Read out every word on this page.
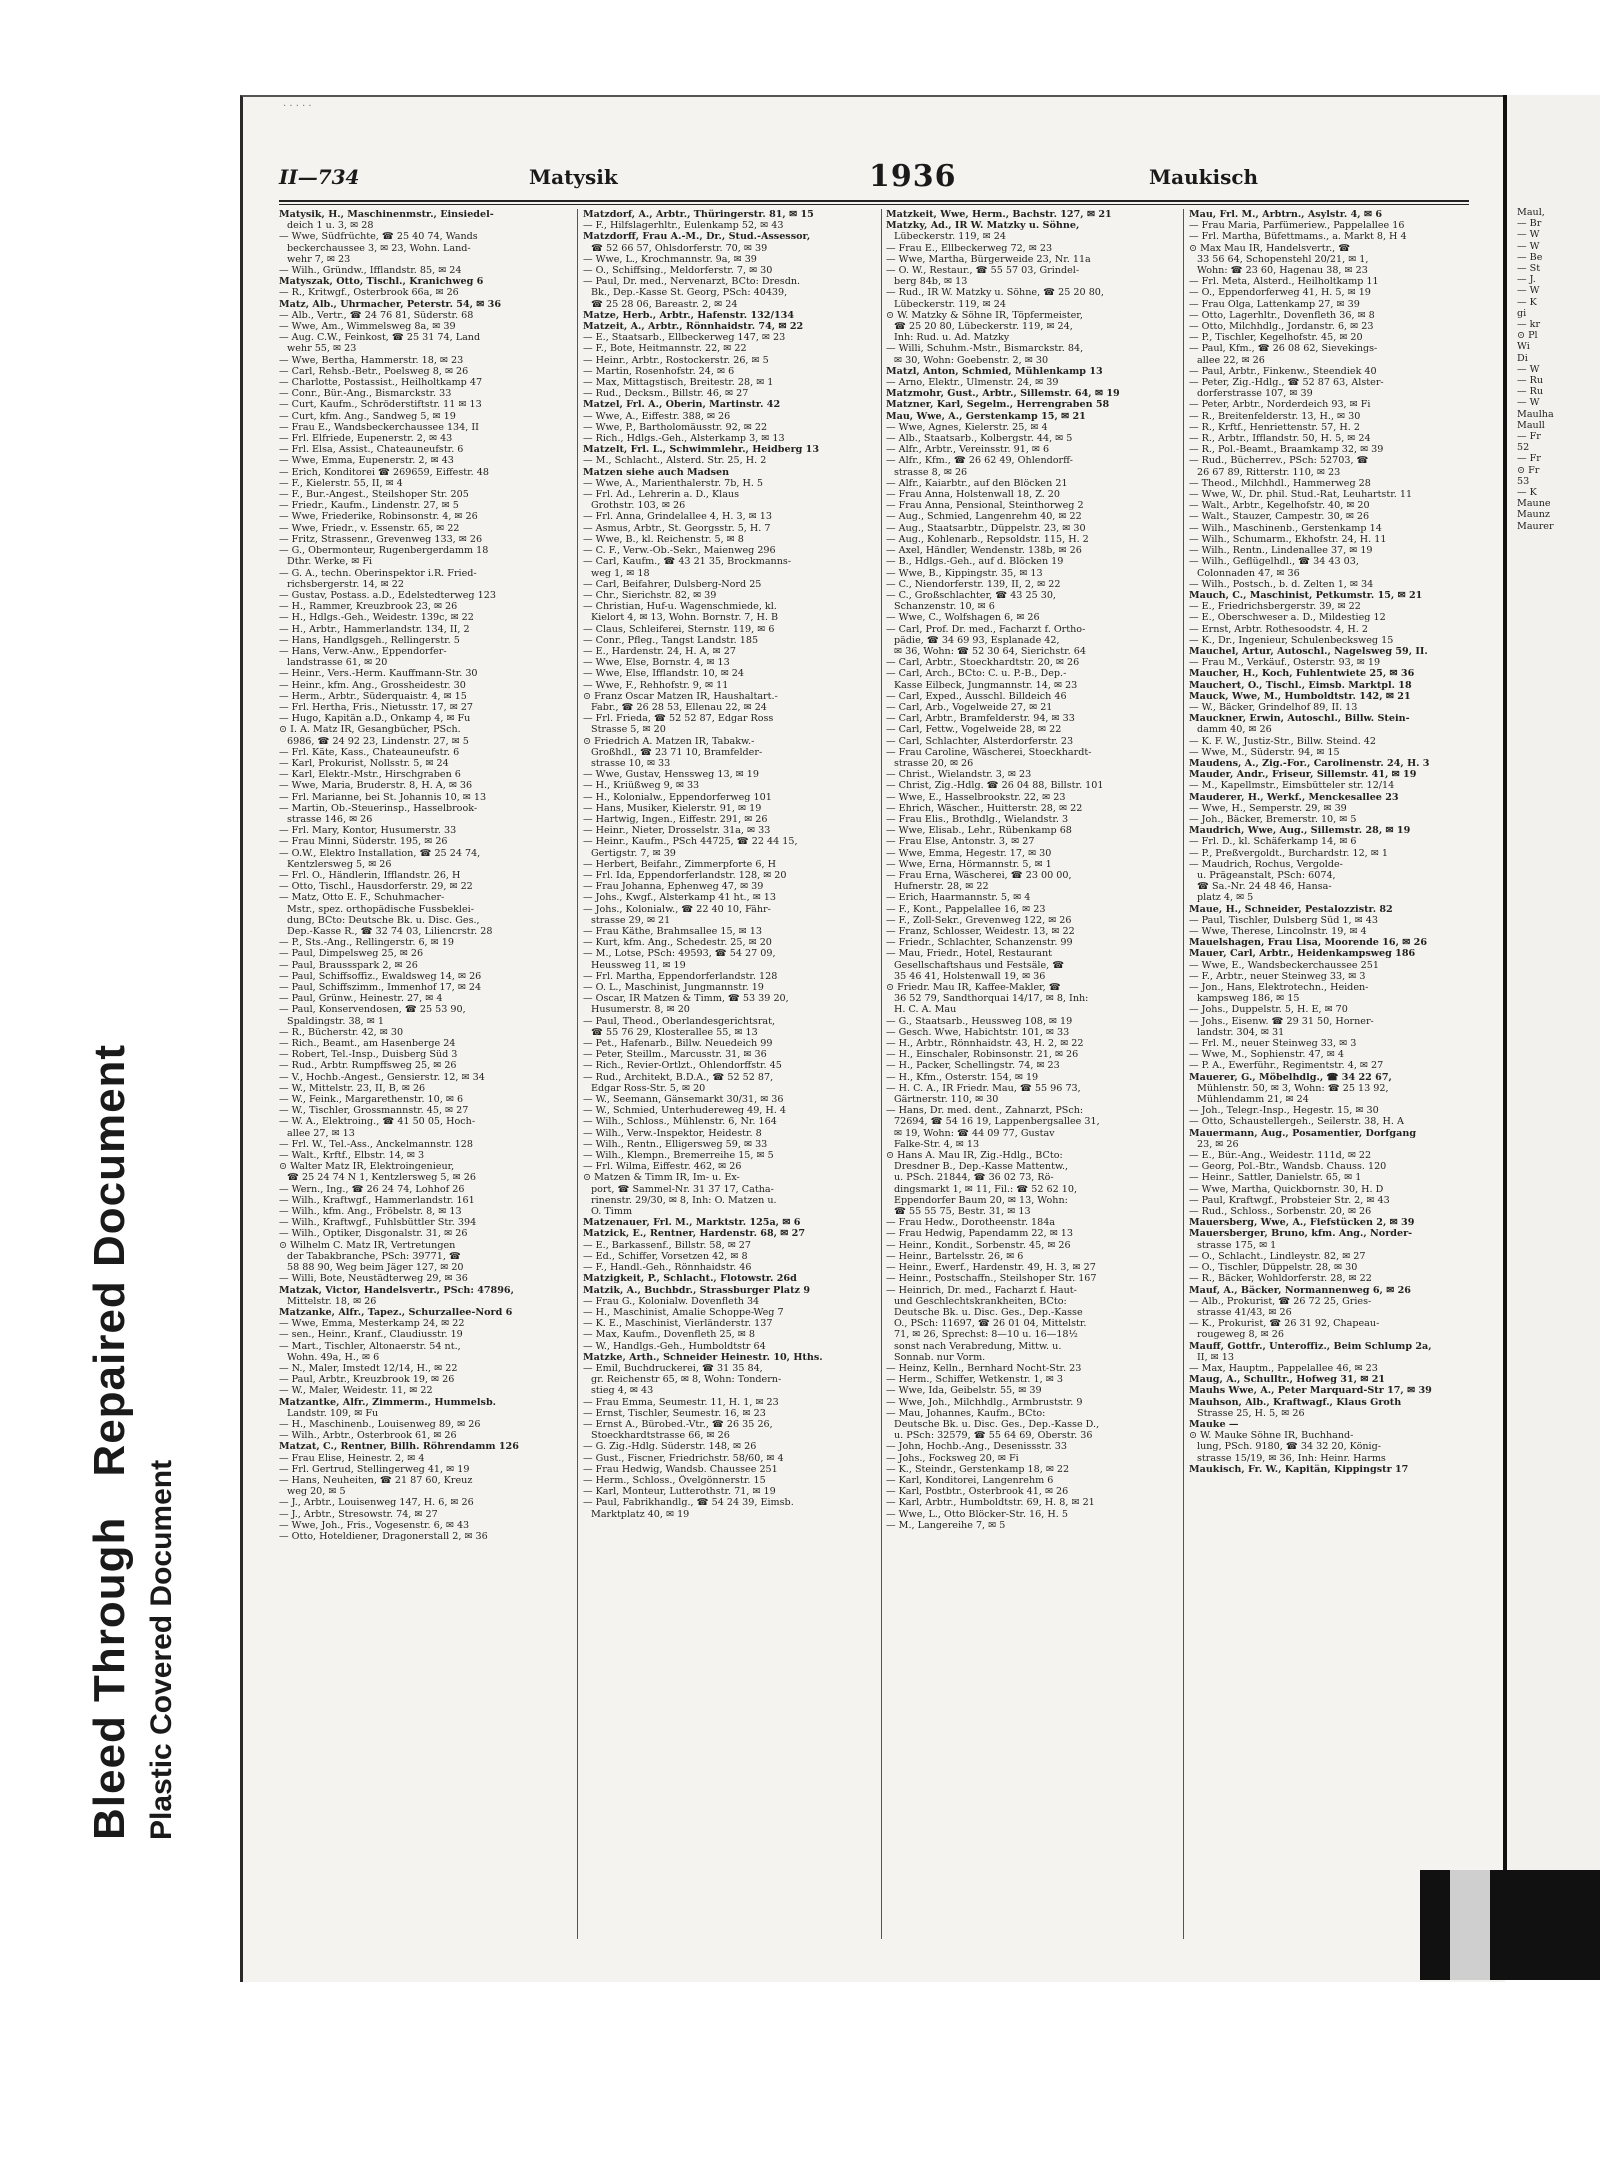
Bleed Through
Repaired Document
Plastic Covered Document
· · · · ·
II—734	Matysik	1936	Maukisch
Matysik, H., Maschinenmstr., Einsiedel-
deich 1 u. 3, ✉ 28
— Wwe, Südfrüchte, ☎ 25 40 74, Wands
beckerchaussee 3, ✉ 23, Wohn. Land-
wehr 7, ✉ 23
— Wilh., Gründw., Ifflandstr. 85, ✉ 24
Matyszak, Otto, Tischl., Kranichweg 6
— R., Kritwgf., Osterbrook 66a, ✉ 26
Matz, Alb., Uhrmacher, Peterstr. 54, ✉ 36
— Alb., Vertr., ☎ 24 76 81, Süderstr. 68
— Wwe, Am., Wimmelsweg 8a, ✉ 39
— Aug. C.W., Feinkost, ☎ 25 31 74, Land
wehr 55, ✉ 23
— Wwe, Bertha, Hammerstr. 18, ✉ 23
— Carl, Rehsb.-Betr., Poelsweg 8, ✉ 26
— Charlotte, Postassist., Heilholtkamp 47
— Conr., Bür.-Ang., Bismarckstr. 33
— Curt, Kaufm., Schröderstiftstr. 11 ✉ 13
— Curt, kfm. Ang., Sandweg 5, ✉ 19
— Frau E., Wandsbeckerchaussee 134, II
— Frl. Elfriede, Eupenerstr. 2, ✉ 43
— Frl. Elsa, Assist., Chateauneufstr. 6
— Wwe, Emma, Eupenerstr. 2, ✉ 43
— Erich, Konditorei ☎ 269659, Eiffestr. 48
— F., Kielerstr. 55, II, ✉ 4
— F., Bur.-Angest., Steilshoper Str. 205
— Friedr., Kaufm., Lindenstr. 27, ✉ 5
— Wwe, Friederike, Robinsonstr. 4, ✉ 26
— Wwe, Friedr., v. Essenstr. 65, ✉ 22
— Fritz, Strassenr., Grevenweg 133, ✉ 26
— G., Obermonteur, Rugenbergerdamm 18
Dthr. Werke, ✉ Fi
— G. A., techn. Oberinspektor i.R. Fried-
richsbergerstr. 14, ✉ 22
— Gustav, Postass. a.D., Edelstedterweg 123
— H., Rammer, Kreuzbrook 23, ✉ 26
— H., Hdlgs.-Geh., Weidestr. 139c, ✉ 22
— H., Arbtr., Hammerlandstr. 134, II, 2
— Hans, Handlgsgeh., Rellingerstr. 5
— Hans, Verw.-Anw., Eppendorfer-
landstrasse 61, ✉ 20
— Heinr., Vers.-Herm. Kauffmann-Str. 30
— Heinr., kfm. Ang., Grossheidestr. 30
— Herm., Arbtr., Süderquaistr. 4, ✉ 15
— Frl. Hertha, Fris., Nietusstr. 17, ✉ 27
— Hugo, Kapitän a.D., Onkamp 4, ✉ Fu
⊙ I. A. Matz IR, Gesangbücher, PSch.
6986, ☎ 24 92 23, Lindenstr. 27, ✉ 5
— Frl. Käte, Kass., Chateauneufstr. 6
— Karl, Prokurist, Nollsstr. 5, ✉ 24
— Karl, Elektr.-Mstr., Hirschgraben 6
— Wwe, Maria, Bruderstr. 8, H. A, ✉ 36
— Frl. Marianne, bei St. Johannis 10, ✉ 13
— Martin, Ob.-Steuerinsp., Hasselbrook-
strasse 146, ✉ 26
— Frl. Mary, Kontor, Husumerstr. 33
— Frau Minni, Süderstr. 195, ✉ 26
— O.W., Elektro Installation, ☎ 25 24 74,
Kentzlersweg 5, ✉ 26
— Frl. O., Händlerin, Ifflandstr. 26, H
— Otto, Tischl., Hausdorferstr. 29, ✉ 22
— Matz, Otto E. F., Schuhmacher-
Mstr., spez. orthopädische Fussbeklei-
dung, BCto: Deutsche Bk. u. Disc. Ges.,
Dep.-Kasse R., ☎ 32 74 03, Liliencrstr. 28
— P., Sts.-Ang., Rellingerstr. 6, ✉ 19
— Paul, Dimpelsweg 25, ✉ 26
— Paul, Braussspark 2, ✉ 26
— Paul, Schiffsoffiz., Ewaldsweg 14, ✉ 26
— Paul, Schiffszimm., Immenhof 17, ✉ 24
— Paul, Grünw., Heinestr. 27, ✉ 4
— Paul, Konservendosen, ☎ 25 53 90,
Spaldingstr. 38, ✉ 1
— R., Bücherstr. 42, ✉ 30
— Rich., Beamt., am Hasenberge 24
— Robert, Tel.-Insp., Duisberg Süd 3
— Rud., Arbtr. Rumpffsweg 25, ✉ 26
— V., Hochb.-Angest., Gensierstr. 12, ✉ 34
— W., Mittelstr. 23, II, B, ✉ 26
— W., Feink., Margarethenstr. 10, ✉ 6
— W., Tischler, Grossmannstr. 45, ✉ 27
— W. A., Elektroing., ☎ 41 50 05, Hoch-
allee 27, ✉ 13
— Frl. W., Tel.-Ass., Anckelmannstr. 128
— Walt., Krftf., Elbstr. 14, ✉ 3
⊙ Walter Matz IR, Elektroingenieur,
☎ 25 24 74 N 1, Kentzlersweg 5, ✉ 26
— Wern., Ing., ☎ 26 24 74, Lohhof 26
— Wilh., Kraftwgf., Hammerlandstr. 161
— Wilh., kfm. Ang., Fröbelstr. 8, ✉ 13
— Wilh., Kraftwgf., Fuhlsbüttler Str. 394
— Wilh., Optiker, Disgonalstr. 31, ✉ 26
⊙ Wilhelm C. Matz IR, Vertretungen
der Tabakbranche, PSch: 39771, ☎
58 88 90, Weg beim Jäger 127, ✉ 20
— Willi, Bote, Neustädterweg 29, ✉ 36
Matzak, Victor, Handelsvertr., PSch: 47896,
Mittelstr. 18, ✉ 26
Matzanke, Alfr., Tapez., Schurzallee-Nord 6
— Wwe, Emma, Mesterkamp 24, ✉ 22
— sen., Heinr., Kranf., Claudiusstr. 19
— Mart., Tischler, Altonaerstr. 54 nt.,
Wohn. 49a, H., ✉ 6
— N., Maler, Imstedt 12/14, H., ✉ 22
— Paul, Arbtr., Kreuzbrook 19, ✉ 26
— W., Maler, Weidestr. 11, ✉ 22
Matzantke, Alfr., Zimmerm., Hummelsb.
Landstr. 109, ✉ Fu
— H., Maschinenb., Louisenweg 89, ✉ 26
— Wilh., Arbtr., Osterbrook 61, ✉ 26
Matzat, C., Rentner, Billh. Röhrendamm 126
— Frau Elise, Heinestr. 2, ✉ 4
— Frl. Gertrud, Stellingerweg 41, ✉ 19
— Hans, Neuheiten, ☎ 21 87 60, Kreuz
weg 20, ✉ 5
— J., Arbtr., Louisenweg 147, H. 6, ✉ 26
— J., Arbtr., Stresowstr. 74, ✉ 27
— Wwe, Joh., Fris., Vogesenstr. 6, ✉ 43
— Otto, Hoteldiener, Dragonerstall 2, ✉ 36
Matzdorf, A., Arbtr., Thüringerstr. 81, ✉ 15
— F., Hilfslagerhltr., Eulenkamp 52, ✉ 43
Matzdorff, Frau A.-M., Dr., Stud.-Assessor,
☎ 52 66 57, Ohlsdorferstr. 70, ✉ 39
— Wwe, L., Krochmannstr. 9a, ✉ 39
— O., Schiffsing., Meldorferstr. 7, ✉ 30
— Paul, Dr. med., Nervenarzt, BCto: Dresdn.
Bk., Dep.-Kasse St. Georg, PSch: 40439,
☎ 25 28 06, Bareastr. 2, ✉ 24
Matze, Herb., Arbtr., Hafenstr. 132/134
Matzeit, A., Arbtr., Rönnhaidstr. 74, ✉ 22
— E., Staatsarb., Ellbeckerweg 147, ✉ 23
— F., Bote, Heitmannstr. 22, ✉ 22
— Heinr., Arbtr., Rostockerstr. 26, ✉ 5
— Martin, Rosenhofstr. 24, ✉ 6
— Max, Mittagstisch, Breitestr. 28, ✉ 1
— Rud., Decksm., Billstr. 46, ✉ 27
Matzel, Frl. A., Oberin, Martinstr. 42
— Wwe, A., Eiffestr. 388, ✉ 26
— Wwe, P., Bartholomäusstr. 92, ✉ 22
— Rich., Hdlgs.-Geh., Alsterkamp 3, ✉ 13
Matzelt, Frl. L., Schwimmlehr., Heidberg 13
— M., Schlacht., Alsterd. Str. 25, H. 2
Matzen siehe auch Madsen
— Wwe, A., Marienthalerstr. 7b, H. 5
— Frl. Ad., Lehrerin a. D., Klaus
Grothstr. 103, ✉ 26
— Frl. Anna, Grindelallee 4, H. 3, ✉ 13
— Asmus, Arbtr., St. Georgsstr. 5, H. 7
— Wwe, B., kl. Reichenstr. 5, ✉ 8
— C. F., Verw.-Ob.-Sekr., Maienweg 296
— Carl, Kaufm., ☎ 43 21 35, Brockmanns-
weg 1, ✉ 18
— Carl, Beifahrer, Dulsberg-Nord 25
— Chr., Sierichstr. 82, ✉ 39
— Christian, Huf-u. Wagenschmiede, kl.
Kielort 4, ✉ 13, Wohn. Bornstr. 7, H. B
— Claus, Schleiferei, Sternstr. 119, ✉ 6
— Conr., Pfleg., Tangst Landstr. 185
— E., Hardenstr. 24, H. A, ✉ 27
— Wwe, Else, Bornstr. 4, ✉ 13
— Wwe, Else, Ifflandstr. 10, ✉ 24
— Wwe, F., Rehhofstr. 9, ✉ 11
⊙ Franz Oscar Matzen IR, Haushaltart.-
Fabr., ☎ 26 28 53, Ellenau 22, ✉ 24
— Frl. Frieda, ☎ 52 52 87, Edgar Ross
Strasse 5, ✉ 20
⊙ Friedrich A. Matzen IR, Tabakw.-
Großhdl., ☎ 23 71 10, Bramfelder-
strasse 10, ✉ 33
— Wwe, Gustav, Henssweg 13, ✉ 19
— H., Kriüßweg 9, ✉ 33
— H., Kolonialw., Eppendorferweg 101
— Hans, Musiker, Kielerstr. 91, ✉ 19
— Hartwig, Ingen., Eiffestr. 291, ✉ 26
— Heinr., Nieter, Drosselstr. 31a, ✉ 33
— Heinr., Kaufm., PSch 44725, ☎ 22 44 15,
Gertigstr. 7, ✉ 39
— Herbert, Beifahr., Zimmerpforte 6, H
— Frl. Ida, Eppendorferlandstr. 128, ✉ 20
— Frau Johanna, Ephenweg 47, ✉ 39
— Johs., Kwgf., Alsterkamp 41 ht., ✉ 13
— Johs., Kolonialw., ☎ 22 40 10, Fähr-
strasse 29, ✉ 21
— Frau Käthe, Brahmsallee 15, ✉ 13
— Kurt, kfm. Ang., Schedestr. 25, ✉ 20
— M., Lotse, PSch: 49593, ☎ 54 27 09,
Heussweg 11, ✉ 19
— Frl. Martha, Eppendorferlandstr. 128
— O. L., Maschinist, Jungmannstr. 19
— Oscar, IR Matzen & Timm, ☎ 53 39 20,
Husumerstr. 8, ✉ 20
— Paul, Theod., Oberlandesgerichtsrat,
☎ 55 76 29, Klosterallee 55, ✉ 13
— Pet., Hafenarb., Billw. Neuedeich 99
— Peter, Steillm., Marcusstr. 31, ✉ 36
— Rich., Revier-Ortlzt., Ohlendorffstr. 45
— Rud., Architekt, B.D.A., ☎ 52 52 87,
Edgar Ross-Str. 5, ✉ 20
— W., Seemann, Gänsemarkt 30/31, ✉ 36
— W., Schmied, Unterhudereweg 49, H. 4
— Wilh., Schloss., Mühlenstr. 6, Nr. 164
— Wilh., Verw.-Inspektor, Heidestr. 8
— Wilh., Rentn., Elligersweg 59, ✉ 33
— Wilh., Klempn., Bremerreihe 15, ✉ 5
— Frl. Wilma, Eiffestr. 462, ✉ 26
⊙ Matzen & Timm IR, Im- u. Ex-
port, ☎ Sammel-Nr. 31 37 17, Catha-
rinenstr. 29/30, ✉ 8, Inh: O. Matzen u.
O. Timm
Matzenauer, Frl. M., Marktstr. 125a, ✉ 6
Matzick, E., Rentner, Hardenstr. 68, ✉ 27
— E., Barkassenf., Billstr. 58, ✉ 27
— Ed., Schiffer, Vorsetzen 42, ✉ 8
— F., Handl.-Geh., Rönnhaidstr. 46
Matzigkeit, P., Schlacht., Flotowstr. 26d
Matzik, A., Buchbdr., Strassburger Platz 9
— Frau G., Kolonialw. Dovenfleth 34
— H., Maschinist, Amalie Schoppe-Weg 7
— K. E., Maschinist, Vierländerstr. 137
— Max, Kaufm., Dovenfleth 25, ✉ 8
— W., Handlgs.-Geh., Humboldtstr 64
Matzke, Arth., Schneider Heinestr. 10, Hths.
— Emil, Buchdruckerei, ☎ 31 35 84,
gr. Reichenstr 65, ✉ 8, Wohn: Tondern-
stieg 4, ✉ 43
— Frau Emma, Seumestr. 11, H. 1, ✉ 23
— Ernst, Tischler, Seumestr. 16, ✉ 23
— Ernst A., Bürobed.-Vtr., ☎ 26 35 26,
Stoeckhardtstrasse 66, ✉ 26
— G. Zig.-Hdlg. Süderstr. 148, ✉ 26
— Gust., Fiscner, Friedrichstr. 58/60, ✉ 4
— Frau Hedwig, Wandsb. Chaussee 251
— Herm., Schloss., Övelgönnerstr. 15
— Karl, Monteur, Lutterothstr. 71, ✉ 19
— Paul, Fabrikhandlg., ☎ 54 24 39, Eimsb.
Marktplatz 40, ✉ 19
Matzkeit, Wwe, Herm., Bachstr. 127, ✉ 21
Matzky, Ad., IR W. Matzky u. Söhne,
Lübeckerstr. 119, ✉ 24
— Frau E., Ellbeckerweg 72, ✉ 23
— Wwe, Martha, Bürgerweide 23, Nr. 11a
— O. W., Restaur., ☎ 55 57 03, Grindel-
berg 84b, ✉ 13
— Rud., IR W. Matzky u. Söhne, ☎ 25 20 80,
Lübeckerstr. 119, ✉ 24
⊙ W. Matzky & Söhne IR, Töpfermeister,
☎ 25 20 80, Lübeckerstr. 119, ✉ 24,
Inh: Rud. u. Ad. Matzky
— Willi, Schuhm.-Mstr., Bismarckstr. 84,
✉ 30, Wohn: Goebenstr. 2, ✉ 30
Matzl, Anton, Schmied, Mühlenkamp 13
— Arno, Elektr., Ulmenstr. 24, ✉ 39
Matzmohr, Gust., Arbtr., Sillemstr. 64, ✉ 19
Matzner, Karl, Segelm., Herrengraben 58
Mau, Wwe, A., Gerstenkamp 15, ✉ 21
— Wwe, Agnes, Kielerstr. 25, ✉ 4
— Alb., Staatsarb., Kolbergstr. 44, ✉ 5
— Alfr., Arbtr., Vereinsstr. 91, ✉ 6
— Alfr., Kfm., ☎ 26 62 49, Ohlendorff-
strasse 8, ✉ 26
— Alfr., Kaiarbtr., auf den Blöcken 21
— Frau Anna, Holstenwall 18, Z. 20
— Frau Anna, Pensional, Steinthorweg 2
— Aug., Schmied, Langenrehm 40, ✉ 22
— Aug., Staatsarbtr., Düppelstr. 23, ✉ 30
— Aug., Kohlenarb., Repsoldstr. 115, H. 2
— Axel, Händler, Wendenstr. 138b, ✉ 26
— B., Hdlgs.-Geh., auf d. Blöcken 19
— Wwe, B., Kippingstr. 35, ✉ 13
— C., Niendorferstr. 139, II, 2, ✉ 22
— C., Großschlachter, ☎ 43 25 30,
Schanzenstr. 10, ✉ 6
— Wwe, C., Wolfshagen 6, ✉ 26
— Carl, Prof. Dr. med., Facharzt f. Ortho-
pädie, ☎ 34 69 93, Esplanade 42,
✉ 36, Wohn: ☎ 52 30 64, Sierichstr. 64
— Carl, Arbtr., Stoeckhardtstr. 20, ✉ 26
— Carl, Arch., BCto: C. u. P.-B., Dep.-
Kasse Eilbeck, Jungmannstr. 14, ✉ 23
— Carl, Exped., Ausschl. Billdeich 46
— Carl, Arb., Vogelweide 27, ✉ 21
— Carl, Arbtr., Bramfelderstr. 94, ✉ 33
— Carl, Fettw., Vogelweide 28, ✉ 22
— Carl, Schlachter, Alsterdorferstr. 23
— Frau Caroline, Wäscherei, Stoeckhardt-
strasse 20, ✉ 26
— Christ., Wielandstr. 3, ✉ 23
— Christ, Zig.-Hdlg. ☎ 26 04 88, Billstr. 101
— Wwe, E., Hasselbrookstr. 22, ✉ 23
— Ehrich, Wäscher., Huitterstr. 28, ✉ 22
— Frau Elis., Brothdlg., Wielandstr. 3
— Wwe, Elisab., Lehr., Rübenkamp 68
— Frau Else, Antonstr. 3, ✉ 27
— Wwe, Emma, Hegestr. 17, ✉ 30
— Wwe, Erna, Hörmannstr. 5, ✉ 1
— Frau Erna, Wäscherei, ☎ 23 00 00,
Hufnerstr. 28, ✉ 22
— Erich, Haarmannstr. 5, ✉ 4
— F., Kont., Pappelallee 16, ✉ 23
— F., Zoll-Sekr., Grevenweg 122, ✉ 26
— Franz, Schlosser, Weidestr. 13, ✉ 22
— Friedr., Schlachter, Schanzenstr. 99
— Mau, Friedr., Hotel, Restaurant
Gesellschaftshaus und Festsäle, ☎
35 46 41, Holstenwall 19, ✉ 36
⊙ Friedr. Mau IR, Kaffee-Makler, ☎
36 52 79, Sandthorquai 14/17, ✉ 8, Inh:
H. C. A. Mau
— G., Staatsarb., Heussweg 108, ✉ 19
— Gesch. Wwe, Habichtstr. 101, ✉ 33
— H., Arbtr., Rönnhaidstr. 43, H. 2, ✉ 22
— H., Einschaler, Robinsonstr. 21, ✉ 26
— H., Packer, Schellingstr. 74, ✉ 23
— H., Kfm., Osterstr. 154, ✉ 19
— H. C. A., IR Friedr. Mau, ☎ 55 96 73,
Gärtnerstr. 110, ✉ 30
— Hans, Dr. med. dent., Zahnarzt, PSch:
72694, ☎ 54 16 19, Lappenbergsallee 31,
✉ 19, Wohn: ☎ 44 09 77, Gustav
Falke-Str. 4, ✉ 13
⊙ Hans A. Mau IR, Zig.-Hdlg., BCto:
Dresdner B., Dep.-Kasse Mattentw.,
u. PSch. 21844, ☎ 36 02 73, Rö-
dingsmarkt 1, ✉ 11, Fil.: ☎ 52 62 10,
Eppendorfer Baum 20, ✉ 13, Wohn:
☎ 55 55 75, Bestr. 31, ✉ 13
— Frau Hedw., Dorotheenstr. 184a
— Frau Hedwig, Papendamm 22, ✉ 13
— Heinr., Kondit., Sorbenstr. 45, ✉ 26
— Heinr., Bartelsstr. 26, ✉ 6
— Heinr., Ewerf., Hardenstr. 49, H. 3, ✉ 27
— Heinr., Postschaffn., Steilshoper Str. 167
— Heinrich, Dr. med., Facharzt f. Haut-
und Geschlechtskrankheiten, BCto:
Deutsche Bk. u. Disc. Ges., Dep.-Kasse
O., PSch: 11697, ☎ 26 01 04, Mittelstr.
71, ✉ 26, Sprechst: 8—10 u. 16—18½
sonst nach Verabredung, Mittw. u.
Sonnab. nur Vorm.
— Heinz, Kelln., Bernhard Nocht-Str. 23
— Herm., Schiffer, Wetkenstr. 1, ✉ 3
— Wwe, Ida, Geibelstr. 55, ✉ 39
— Wwe, Joh., Milchhdlg., Armbruststr. 9
— Mau, Johannes, Kaufm., BCto:
Deutsche Bk. u. Disc. Ges., Dep.-Kasse D.,
u. PSch: 32579, ☎ 55 64 69, Oberstr. 36
— John, Hochb.-Ang., Desenissstr. 33
— Johs., Focksweg 20, ✉ Fi
— K., Steindr., Gerstenkamp 18, ✉ 22
— Karl, Konditorei, Langenrehm 6
— Karl, Postbtr., Osterbrook 41, ✉ 26
— Karl, Arbtr., Humboldtstr. 69, H. 8, ✉ 21
— Wwe, L., Otto Blöcker-Str. 16, H. 5
— M., Langereihe 7, ✉ 5
Mau, Frl. M., Arbtrn., Asylstr. 4, ✉ 6
— Frau Maria, Parfümeriew., Pappelallee 16
— Frl. Martha, Büfettmams., a. Markt 8, H 4
⊙ Max Mau IR, Handelsvertr., ☎
33 56 64, Schopenstehl 20/21, ✉ 1,
Wohn: ☎ 23 60, Hagenau 38, ✉ 23
— Frl. Meta, Alsterd., Heilholtkamp 11
— O., Eppendorferweg 41, H. 5, ✉ 19
— Frau Olga, Lattenkamp 27, ✉ 39
— Otto, Lagerhltr., Dovenfleth 36, ✉ 8
— Otto, Milchhdlg., Jordanstr. 6, ✉ 23
— P., Tischler, Kegelhofstr. 45, ✉ 20
— Paul, Kfm., ☎ 26 08 62, Sievekings-
allee 22, ✉ 26
— Paul, Arbtr., Finkenw., Steendiek 40
— Peter, Zig.-Hdlg., ☎ 52 87 63, Alster-
dorferstrasse 107, ✉ 39
— Peter, Arbtr., Norderdeich 93, ✉ Fi
— R., Breitenfelderstr. 13, H., ✉ 30
— R., Krftf., Henriettenstr. 57, H. 2
— R., Arbtr., Ifflandstr. 50, H. 5, ✉ 24
— R., Pol.-Beamt., Braamkamp 32, ✉ 39
— Rud., Bücherrev., PSch: 52703, ☎
26 67 89, Ritterstr. 110, ✉ 23
— Theod., Milchhdl., Hammerweg 28
— Wwe, W., Dr. phil. Stud.-Rat, Leuhartstr. 11
— Walt., Arbtr., Kegelhofstr. 40, ✉ 20
— Walt., Stauzer, Campestr. 30, ✉ 26
— Wilh., Maschinenb., Gerstenkamp 14
— Wilh., Schumarm., Ekhofstr. 24, H. 11
— Wilh., Rentn., Lindenallee 37, ✉ 19
— Wilh., Geflügelhdl., ☎ 34 43 03,
Colonnaden 47, ✉ 36
— Wilh., Postsch., b. d. Zelten 1, ✉ 34
Mauch, C., Maschinist, Petkumstr. 15, ✉ 21
— E., Friedrichsbergerstr. 39, ✉ 22
— E., Oberschweser a. D., Mildestieg 12
— Ernst, Arbtr. Rothesoodstr. 4, H. 2
— K., Dr., Ingenieur, Schulenbecksweg 15
Mauchel, Artur, Autoschl., Nagelsweg 59, II.
— Frau M., Verkäuf., Osterstr. 93, ✉ 19
Maucher, H., Koch, Fuhlentwiete 25, ✉ 36
Mauchert, O., Tischl., Eimsb. Marktpl. 18
Mauck, Wwe, M., Humboldtstr. 142, ✉ 21
— W., Bäcker, Grindelhof 89, II. 13
Mauckner, Erwin, Autoschl., Billw. Stein-
damm 40, ✉ 26
— K. F. W., Justiz-Str., Billw. Steind. 42
— Wwe, M., Süderstr. 94, ✉ 15
Maudens, A., Zig.-For., Carolinenstr. 24, H. 3
Mauder, Andr., Friseur, Sillemstr. 41, ✉ 19
— M., Kapellmstr., Eimsbütteler str. 12/14
Mauderer, H., Werkf., Menckesallee 23
— Wwe, H., Semperstr. 29, ✉ 39
— Joh., Bäcker, Bremerstr. 10, ✉ 5
Maudrich, Wwe, Aug., Sillemstr. 28, ✉ 19
— Frl. D., kl. Schäferkamp 14, ✉ 6
— P., Preßvergoldt., Burchardstr. 12, ✉ 1
— Maudrich, Rochus, Vergolde-
u. Prägeanstalt, PSch: 6074,
☎ Sa.-Nr. 24 48 46, Hansa-
platz 4, ✉ 5
Maue, H., Schneider, Pestalozzistr. 82
— Paul, Tischler, Dulsberg Süd 1, ✉ 43
— Wwe, Therese, Lincolnstr. 19, ✉ 4
Mauelshagen, Frau Lisa, Moorende 16, ✉ 26
Mauer, Carl, Arbtr., Heidenkampsweg 186
— Wwe, E., Wandsbeckerchaussee 251
— F., Arbtr., neuer Steinweg 33, ✉ 3
— Jon., Hans, Elektrotechn., Heiden-
kampsweg 186, ✉ 15
— Johs., Duppelstr. 5, H. E, ✉ 70
— Johs., Eisenw. ☎ 29 31 50, Horner-
landstr. 304, ✉ 31
— Frl. M., neuer Steinweg 33, ✉ 3
— Wwe, M., Sophienstr. 47, ✉ 4
— P. A., Ewerführ., Regimentstr. 4, ✉ 27
Mauerer, G., Möbelhdlg., ☎ 34 22 67,
Mühlenstr. 50, ✉ 3, Wohn: ☎ 25 13 92,
Mühlendamm 21, ✉ 24
— Joh., Telegr.-Insp., Hegestr. 15, ✉ 30
— Otto, Schaustellergeh., Seilerstr. 38, H. A
Mauermann, Aug., Posamentier, Dorfgang
23, ✉ 26
— E., Bür.-Ang., Weidestr. 111d, ✉ 22
— Georg, Pol.-Btr., Wandsb. Chauss. 120
— Heinr., Sattler, Danielstr. 65, ✉ 1
— Wwe, Martha, Quickbornstr. 30, H. D
— Paul, Kraftwgf., Probsteier Str. 2, ✉ 43
— Rud., Schloss., Sorbenstr. 20, ✉ 26
Mauersberg, Wwe, A., Fiefstücken 2, ✉ 39
Mauersberger, Bruno, kfm. Ang., Norder-
strasse 175, ✉ 1
— O., Schlacht., Lindleystr. 82, ✉ 27
— O., Tischler, Düppelstr. 28, ✉ 30
— R., Bäcker, Wohldorferstr. 28, ✉ 22
Mauf, A., Bäcker, Normannenweg 6, ✉ 26
— Alb., Prokurist, ☎ 26 72 25, Gries-
strasse 41/43, ✉ 26
— K., Prokurist, ☎ 26 31 92, Chapeau-
rougeweg 8, ✉ 26
Mauff, Gottfr., Unteroffiz., Beim Schlump 2a,
II, ✉ 13
— Max, Hauptm., Pappelallee 46, ✉ 23
Maug, A., Schulltr., Hofweg 31, ✉ 21
Mauhs Wwe, A., Peter Marquard-Str 17, ✉ 39
Mauhson, Alb., Kraftwagf., Klaus Groth
Strasse 25, H. 5, ✉ 26
Mauke —
⊙ W. Mauke Söhne IR, Buchhand-
lung, PSch. 9180, ☎ 34 32 20, König-
strasse 15/19, ✉ 36, Inh: Heinr. Harms
Maukisch, Fr. W., Kapitän, Kippingstr 17
Maul,
— Br
— W
— W
— Be
— St
— J.
— W
— K
gi
— kr
⊙ Pl
Wi
Di
— W
— Ru
— Ru
— W
Maulha
Maull
— Fr
52
— Fr
⊙ Fr
53
— K
Maune
Maunz
Maurer
